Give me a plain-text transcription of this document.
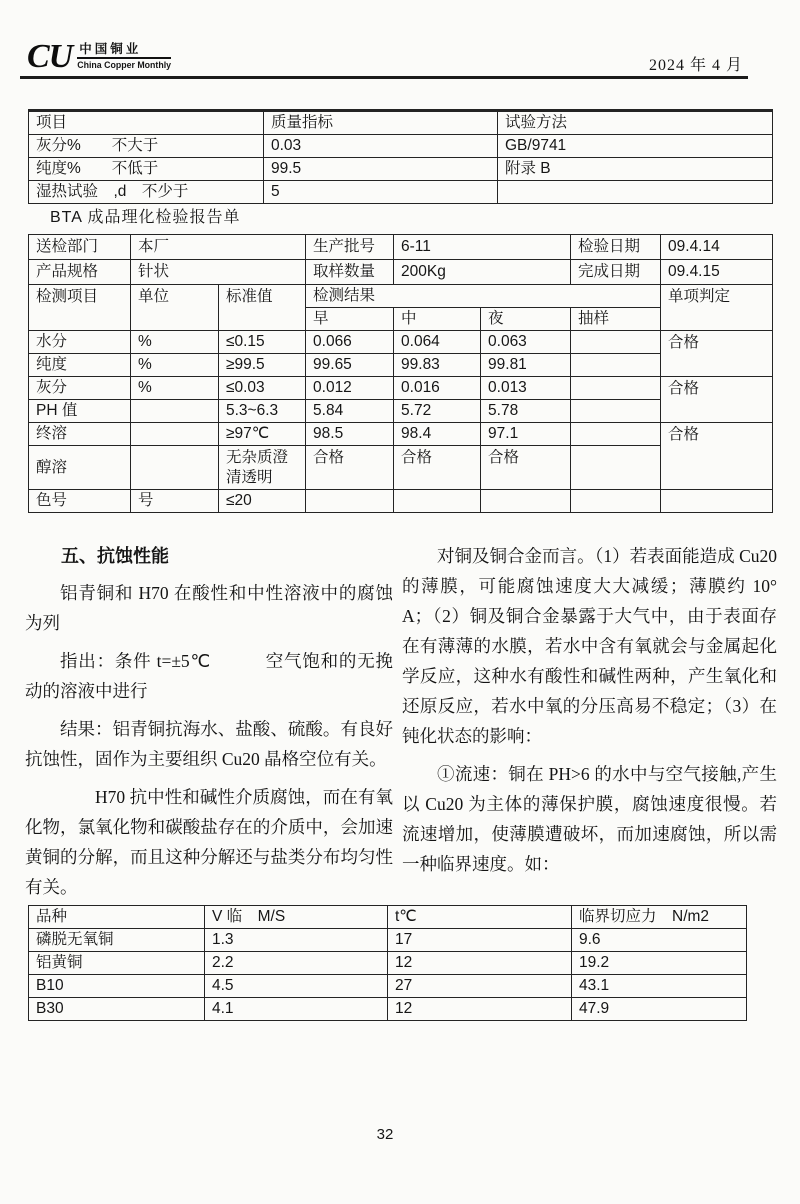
CU 中国铜业
China Copper Monthly	2024 年 4 月
项目	质量指标	试验方法
灰分%　　不大于	0.03	GB/9741
纯度%　　不低于	99.5	附录 B
湿热试验　,d　不少于	5	
BTA 成品理化检验报告单
送检部门	本厂		生产批号	6-11		检验日期	09.4.14
产品规格	针状		取样数量	200Kg		完成日期	09.4.15
检测项目	单位	标准值	检测结果				单项判定
			早	中	夜	抽样	
水分	%	≤0.15	0.066	0.064	0.063		合格
纯度	%	≥99.5	99.65	99.83	99.81		
灰分	%	≤0.03	0.012	0.016	0.013		合格
PH 值		5.3~6.3	5.84	5.72	5.78		
终溶		≥97℃	98.5	98.4	97.1		合格
醇溶		无杂质澄清透明	合格	合格	合格		
色号	号	≤20					
五、抗蚀性能

铝青铜和 H70 在酸性和中性溶液中的腐蚀为列

指出：条件 t=±5℃　　　空气饱和的无挽动的溶液中进行

结果：铝青铜抗海水、盐酸、硫酸。有良好抗蚀性，固作为主要组织 Cu20 晶格空位有关。

H70 抗中性和碱性介质腐蚀，而在有氧化物，氯氧化物和碳酸盐存在的介质中，会加速黄铜的分解，而且这种分解还与盐类分布均匀性有关。

对铜及铜合金而言。（1）若表面能造成 Cu20 的薄膜，可能腐蚀速度大大减缓；薄膜约 10° A；（2）铜及铜合金暴露于大气中，由于表面存在有薄薄的水膜，若水中含有氧就会与金属起化学反应，这种水有酸性和碱性两种，产生氧化和还原反应，若水中氧的分压高易不稳定；（3）在钝化状态的影响：

①流速：铜在 PH>6 的水中与空气接触,产生以 Cu20 为主体的薄保护膜，腐蚀速度很慢。若流速增加，使薄膜遭破坏，而加速腐蚀，所以需一种临界速度。如：

品种	V 临　M/S	t℃	临界切应力　N/m2
磷脱无氧铜	1.3	17	9.6
铝黄铜	2.2	12	19.2
B10	4.5	27	43.1
B30	4.1	12	47.9
32
